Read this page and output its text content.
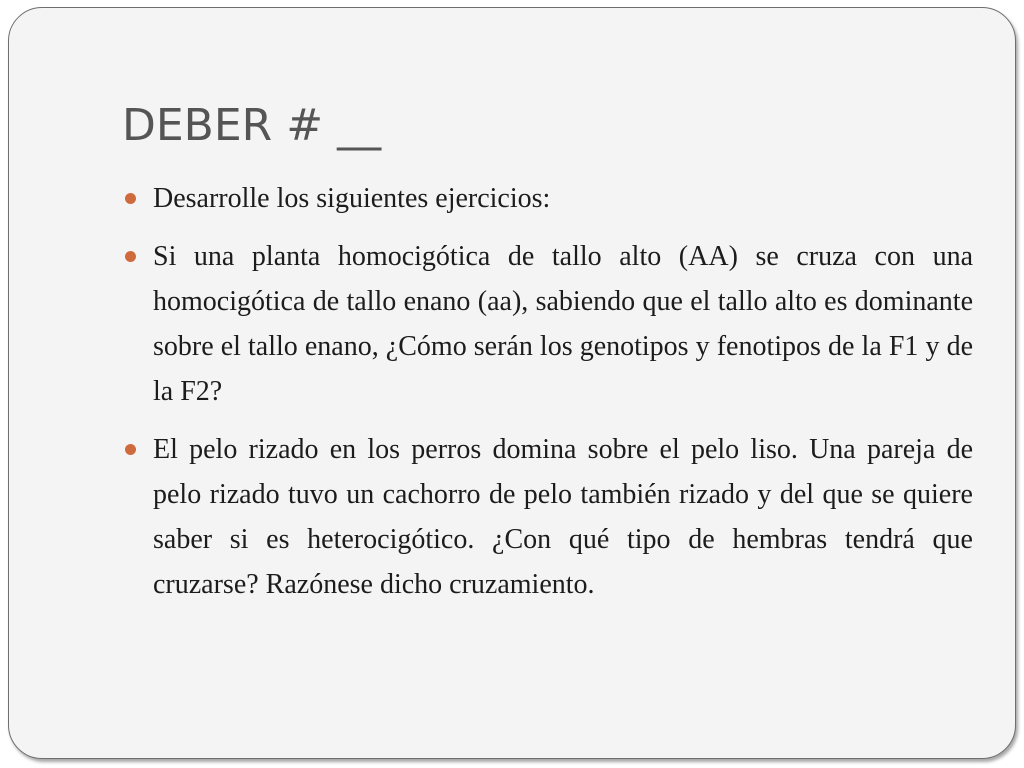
DEBER # __
Desarrolle los siguientes ejercicios:
Si una planta homocigótica de tallo alto (AA) se cruza con una homocigótica de tallo enano (aa), sabiendo que el tallo alto es dominante sobre el tallo enano, ¿Cómo serán los genotipos y fenotipos de la F1 y de la F2?
El pelo rizado en los perros domina sobre el pelo liso. Una pareja de pelo rizado tuvo un cachorro de pelo también rizado y del que se quiere saber si es heterocigótico. ¿Con qué tipo de hembras tendrá que cruzarse? Razónese dicho cruzamiento.
